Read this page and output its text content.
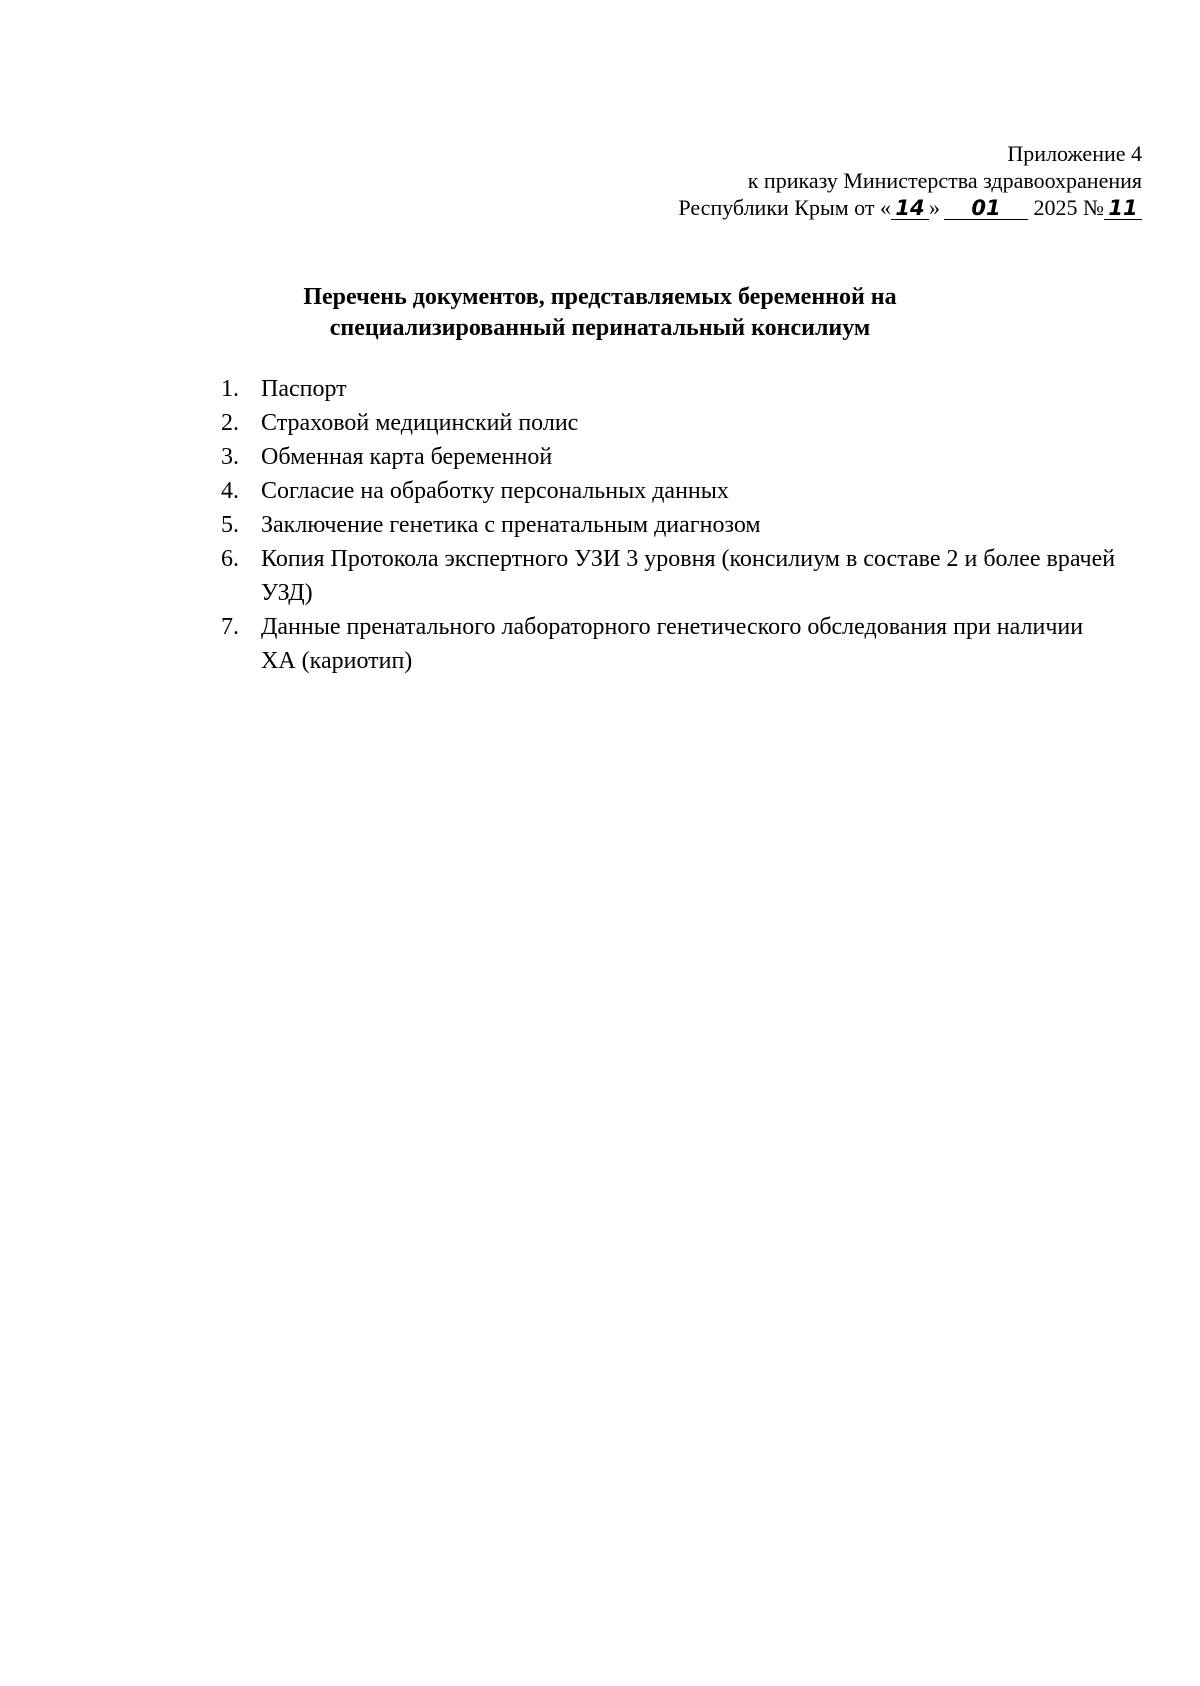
Приложение 4
к приказу Министерства здравоохранения
Республики Крым от « 14 » 01 2025 № 11
Перечень документов, представляемых беременной на
специализированный перинатальный консилиум
1. Паспорт
2. Страховой медицинский полис
3. Обменная карта беременной
4. Согласие на обработку персональных данных
5. Заключение генетика с пренатальным диагнозом
6. Копия Протокола экспертного УЗИ 3 уровня (консилиум в составе 2 и более врачей УЗД)
7. Данные пренатального лабораторного генетического обследования при наличии ХА (кариотип)
